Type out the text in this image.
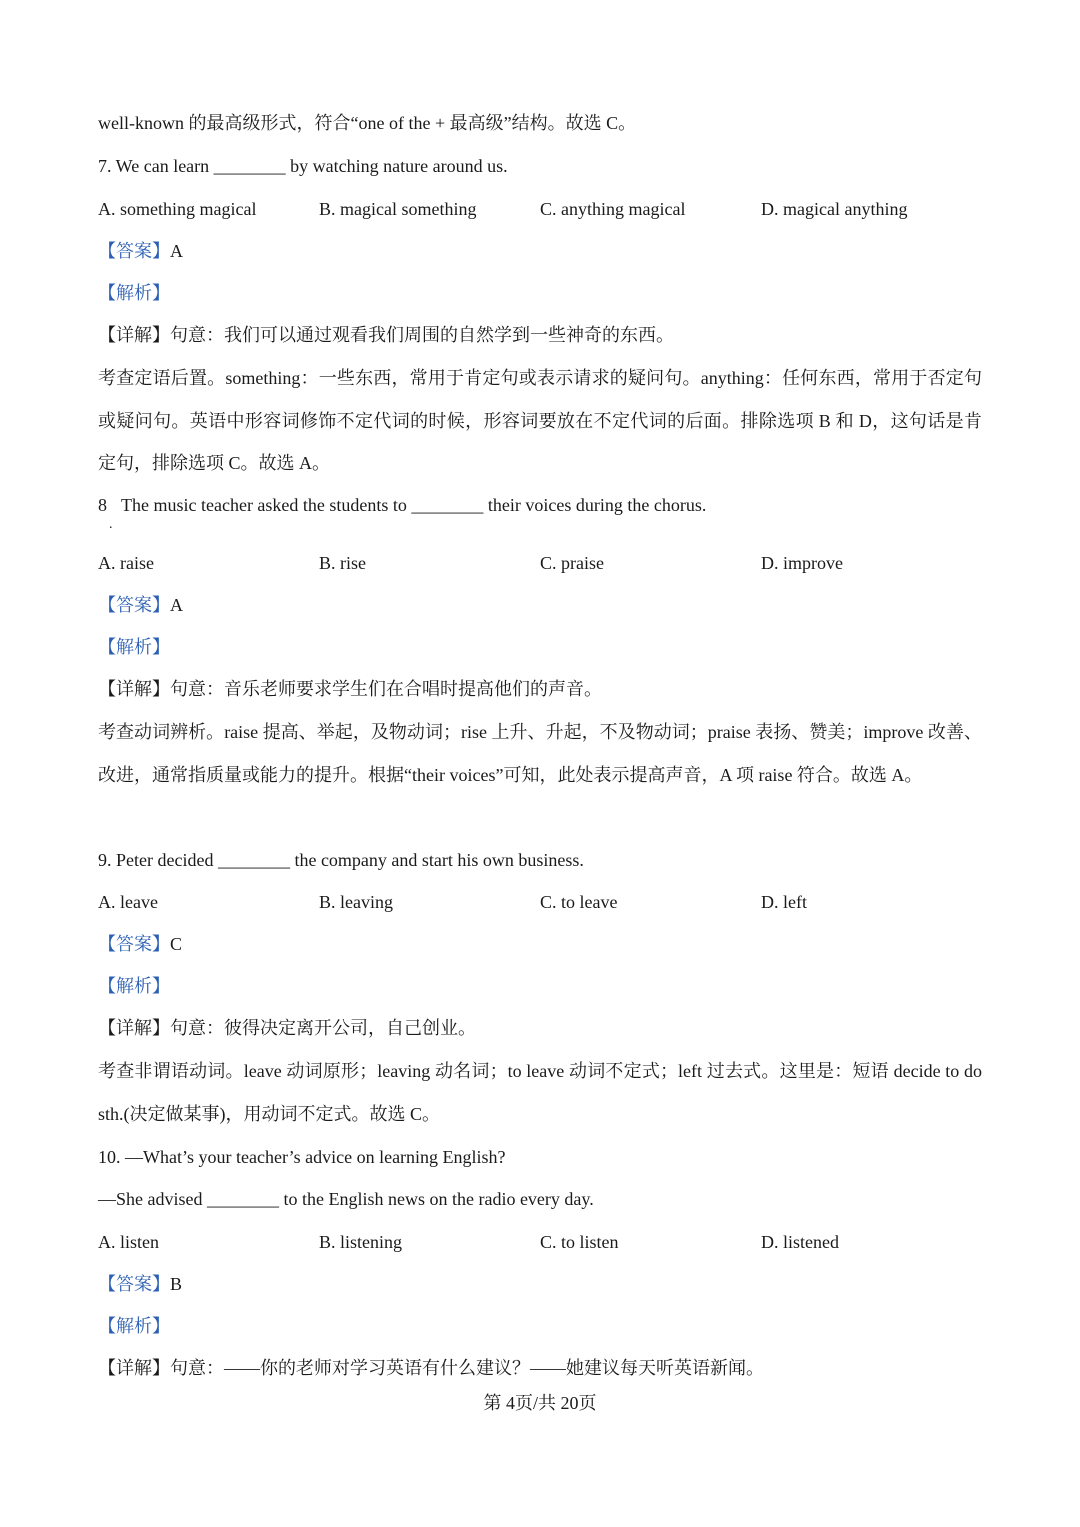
well-known 的最高级形式，符合“one of the + 最高级”结构。故选 C。
7. We can learn ________ by watching nature around us.
A. something magical	B. magical something	C. anything magical	D. magical anything
【答案】A
【解析】
【详解】句意：我们可以通过观看我们周围的自然学到一些神奇的东西。
考查定语后置。something：一些东西，常用于肯定句或表示请求的疑问句。anything：任何东西，常用于否定句或疑问句。英语中形容词修饰不定代词的时候，形容词要放在不定代词的后面。排除选项 B 和 D，这句话是肯定句，排除选项 C。故选 A。
8 The music teacher asked the students to ________ their voices during the chorus.
.
A. raise	B. rise	C. praise	D. improve
【答案】A
【解析】
【详解】句意：音乐老师要求学生们在合唱时提高他们的声音。
考查动词辨析。raise 提高、举起，及物动词；rise 上升、升起，不及物动词；praise 表扬、赞美；improve 改善、改进，通常指质量或能力的提升。根据“their voices”可知，此处表示提高声音，A 项 raise 符合。故选 A。
9. Peter decided ________ the company and start his own business.
A. leave	B. leaving	C. to leave	D. left
【答案】C
【解析】
【详解】句意：彼得决定离开公司，自己创业。
考查非谓语动词。leave 动词原形；leaving 动名词；to leave 动词不定式；left 过去式。这里是：短语 decide to do sth.(决定做某事)，用动词不定式。故选 C。
10. —What’s your teacher’s advice on learning English?
—She advised ________ to the English news on the radio every day.
A. listen	B. listening	C. to listen	D. listened
【答案】B
【解析】
【详解】句意：——你的老师对学习英语有什么建议？——她建议每天听英语新闻。
第 4页/共 20页
